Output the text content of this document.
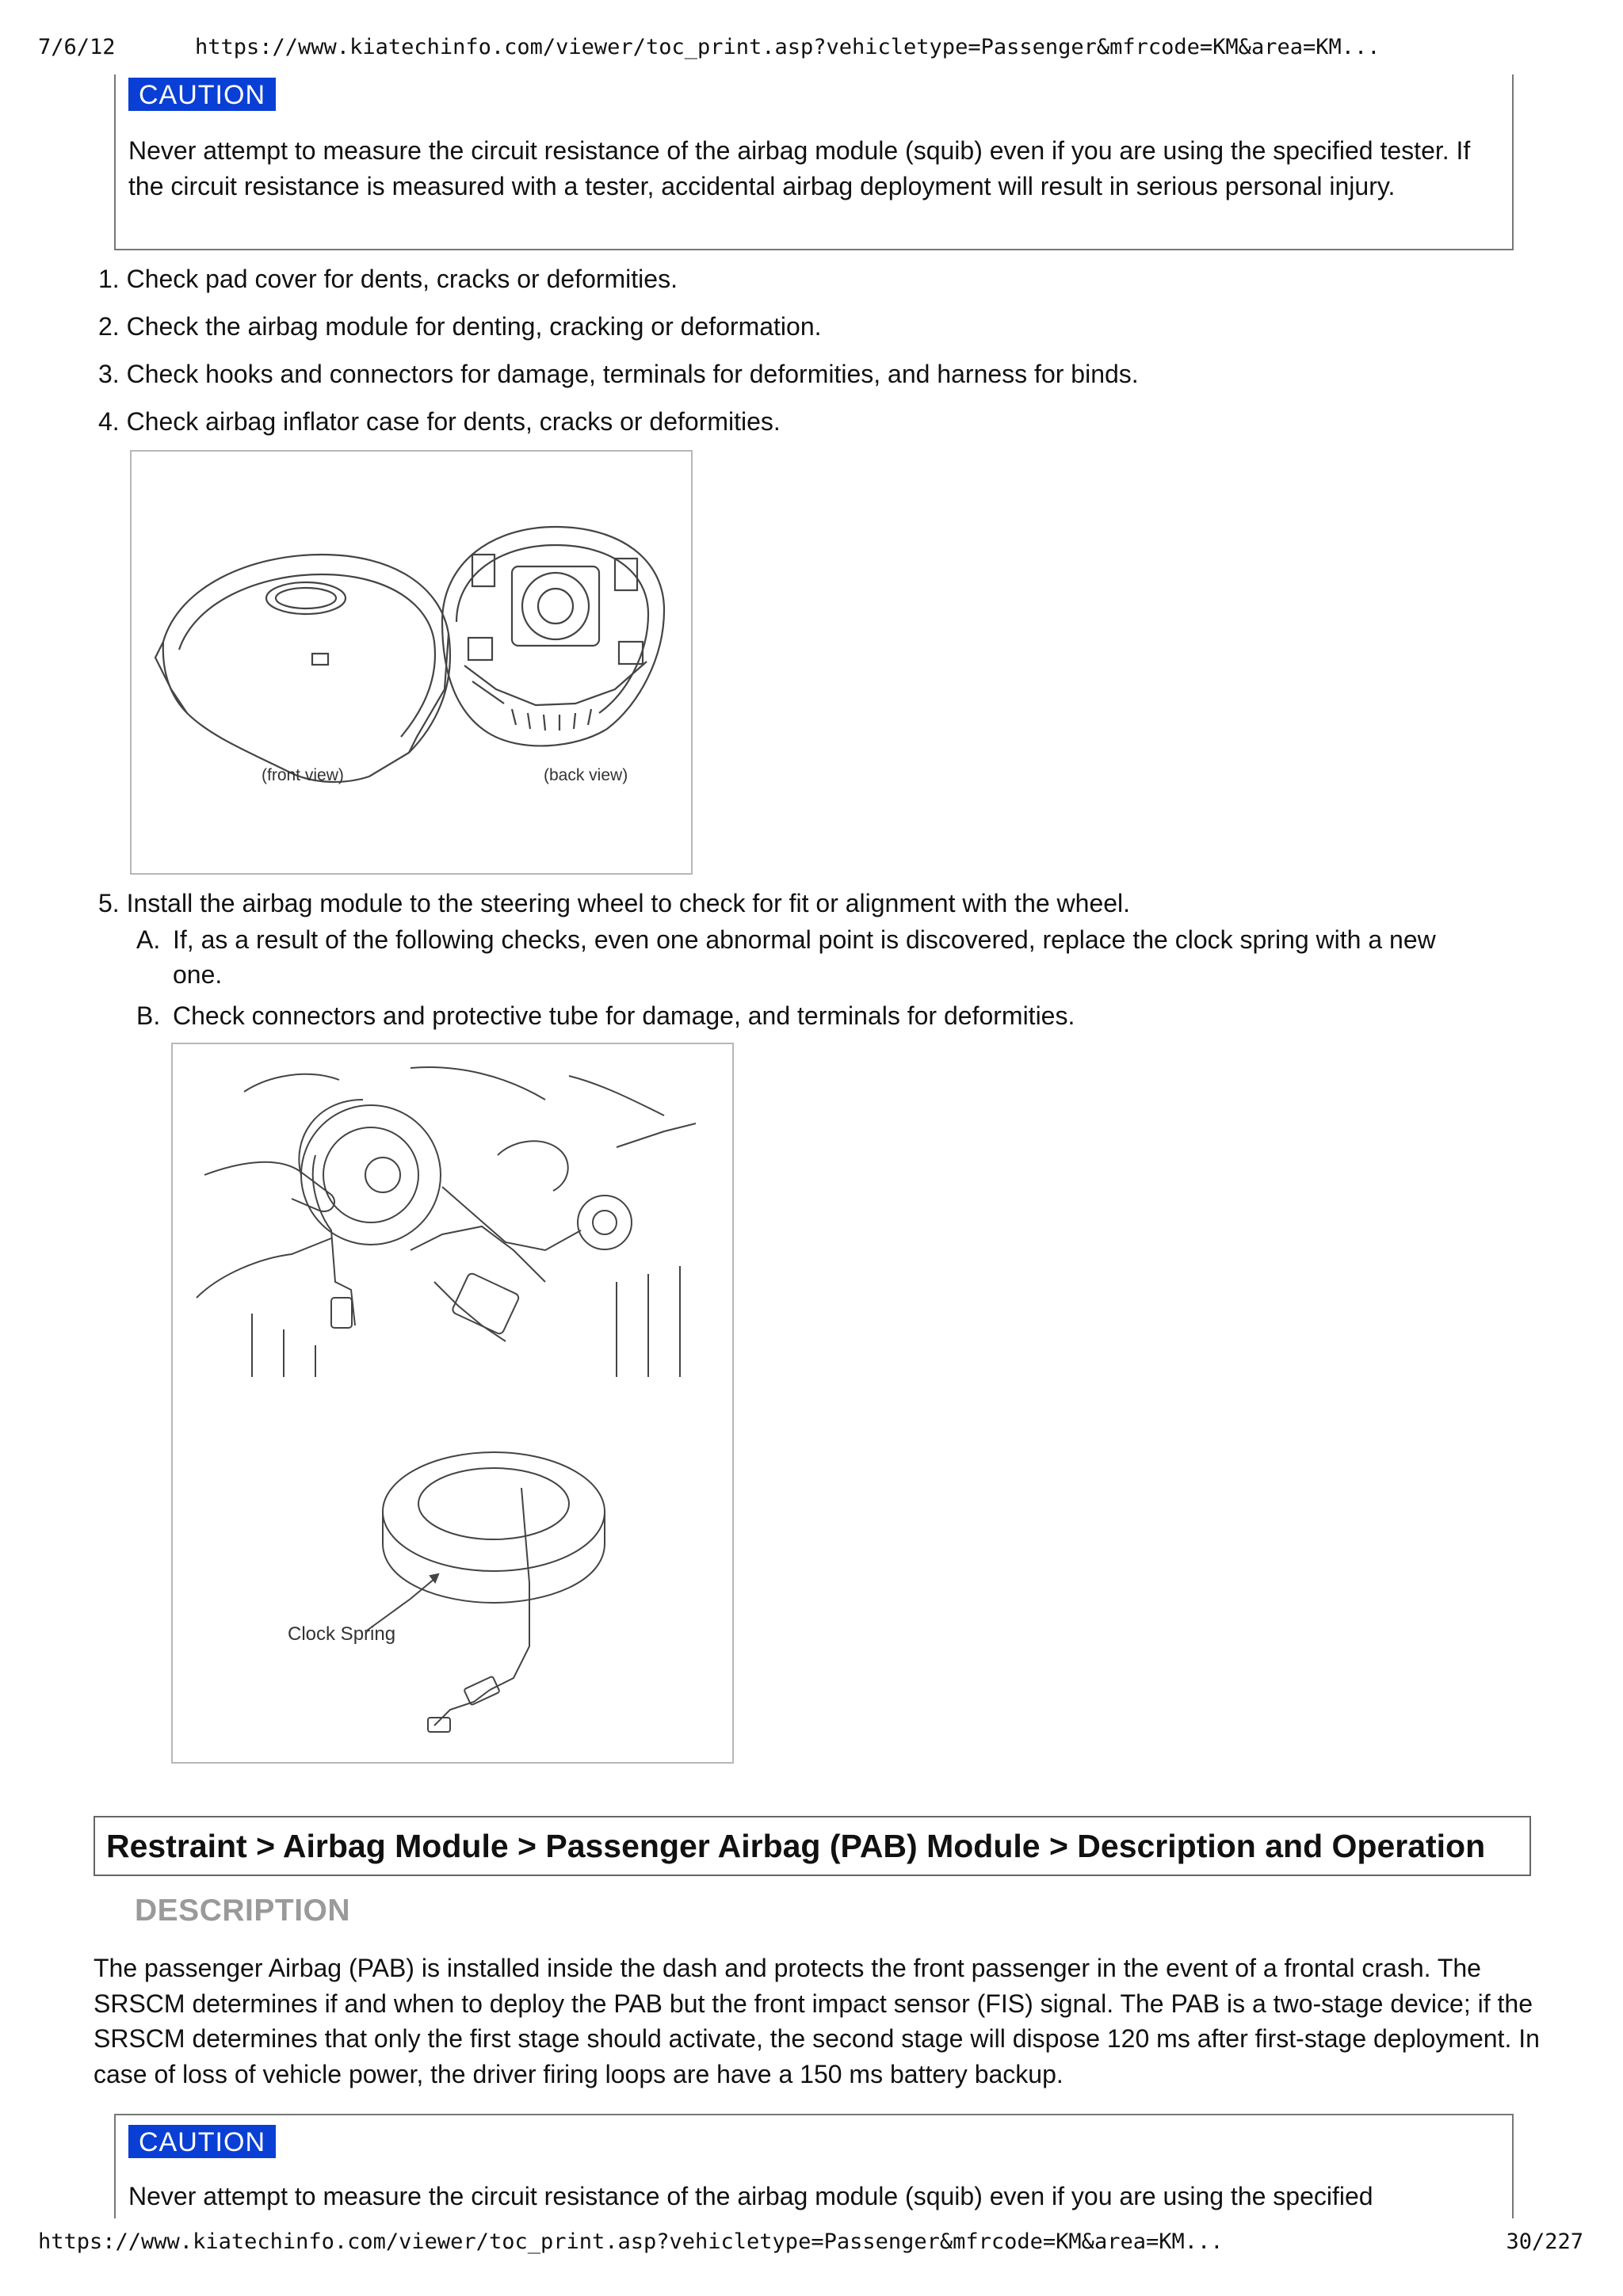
7/6/12	https://www.kiatechinfo.com/viewer/toc_print.asp?vehicletype=Passenger&mfrcode=KM&area=KM...
CAUTION
Never attempt to measure the circuit resistance of the airbag module (squib) even if you are using the specified tester. If the circuit resistance is measured with a tester, accidental airbag deployment will result in serious personal injury.
1. Check pad cover for dents, cracks or deformities.
2. Check the airbag module for denting, cracking or deformation.
3. Check hooks and connectors for damage, terminals for deformities, and harness for binds.
4. Check airbag inflator case for dents, cracks or deformities.
(front view)	(back view)
5. Install the airbag module to the steering wheel to check for fit or alignment with the wheel.
A. If, as a result of the following checks, even one abnormal point is discovered, replace the clock spring with a new one.
B. Check connectors and protective tube for damage, and terminals for deformities.
Clock Spring
Restraint > Airbag Module > Passenger Airbag (PAB) Module > Description and Operation
DESCRIPTION
The passenger Airbag (PAB) is installed inside the dash and protects the front passenger in the event of a frontal crash. The SRSCM determines if and when to deploy the PAB but the front impact sensor (FIS) signal. The PAB is a two-stage device; if the SRSCM determines that only the first stage should activate, the second stage will dispose 120 ms after first-stage deployment. In case of loss of vehicle power, the driver firing loops are have a 150 ms battery backup.
CAUTION
Never attempt to measure the circuit resistance of the airbag module (squib) even if you are using the specified
https://www.kiatechinfo.com/viewer/toc_print.asp?vehicletype=Passenger&mfrcode=KM&area=KM...	30/227
